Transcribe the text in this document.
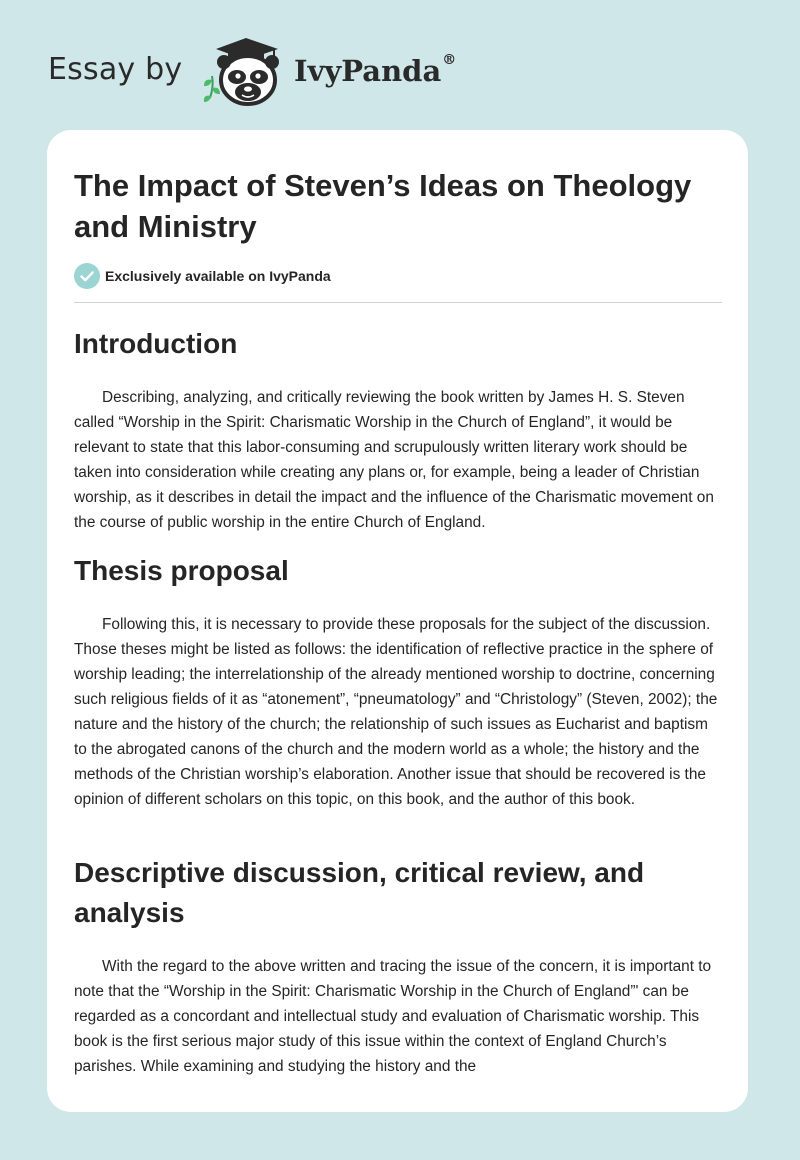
Essay by	IvyPanda®
The Impact of Steven’s Ideas on Theology and Ministry
Exclusively available on IvyPanda
Introduction

Describing, analyzing, and critically reviewing the book written by James H. S. Steven called “Worship in the Spirit: Charismatic Worship in the Church of England”, it would be relevant to state that this labor-consuming and scrupulously written literary work should be taken into consideration while creating any plans or, for example, being a leader of Christian worship, as it describes in detail the impact and the influence of the Charismatic movement on the course of public worship in the entire Church of England.

Thesis proposal

Following this, it is necessary to provide these proposals for the subject of the discussion. Those theses might be listed as follows: the identification of reflective practice in the sphere of worship leading; the interrelationship of the already mentioned worship to doctrine, concerning such religious fields of it as “atonement”, “pneumatology” and “Christology” (Steven, 2002); the nature and the history of the church; the relationship of such issues as Eucharist and baptism to the abrogated canons of the church and the modern world as a whole; the history and the methods of the Christian worship’s elaboration. Another issue that should be recovered is the opinion of different scholars on this topic, on this book, and the author of this book.

Descriptive discussion, critical review, and analysis

With the regard to the above written and tracing the issue of the concern, it is important to note that the “Worship in the Spirit: Charismatic Worship in the Church of England”' can be regarded as a concordant and intellectual study and evaluation of Charismatic worship. This book is the first serious major study of this issue within the context of England Church’s parishes. While examining and studying the history and the
